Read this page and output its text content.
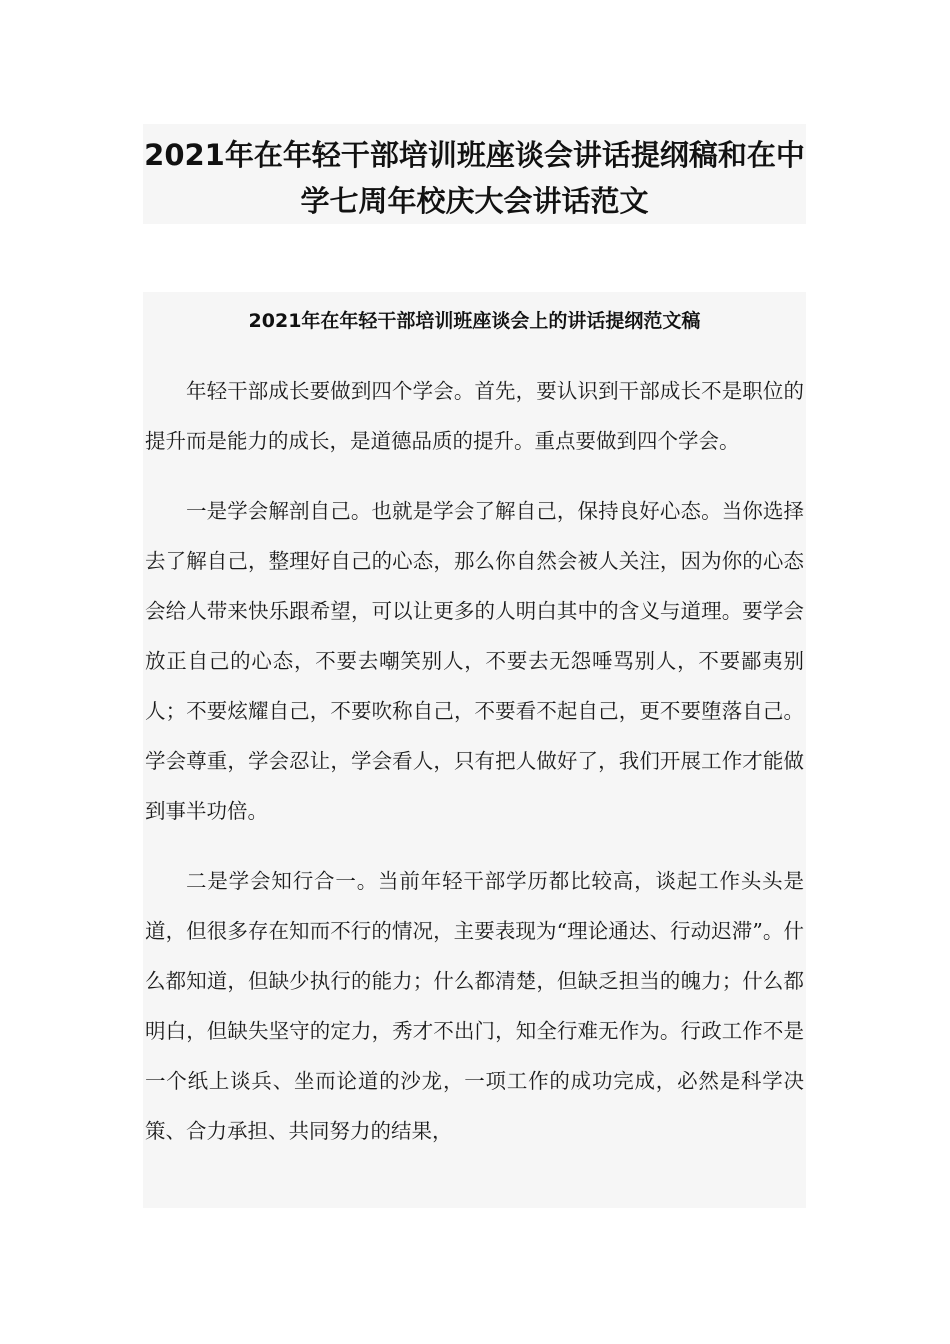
2021年在年轻干部培训班座谈会讲话提纲稿和在中学七周年校庆大会讲话范文
2021年在年轻干部培训班座谈会上的讲话提纲范文稿

年轻干部成长要做到四个学会。首先，要认识到干部成长不是职位的提升而是能力的成长，是道德品质的提升。重点要做到四个学会。

一是学会解剖自己。也就是学会了解自己，保持良好心态。当你选择去了解自己，整理好自己的心态，那么你自然会被人关注，因为你的心态会给人带来快乐跟希望，可以让更多的人明白其中的含义与道理。要学会放正自己的心态，不要去嘲笑别人，不要去无怨唾骂别人，不要鄙夷别人；不要炫耀自己，不要吹称自己，不要看不起自己，更不要堕落自己。学会尊重，学会忍让，学会看人，只有把人做好了，我们开展工作才能做到事半功倍。

二是学会知行合一。当前年轻干部学历都比较高，谈起工作头头是道，但很多存在知而不行的情况，主要表现为“理论通达、行动迟滞”。什么都知道，但缺少执行的能力；什么都清楚，但缺乏担当的魄力；什么都明白，但缺失坚守的定力，秀才不出门，知全行难无作为。行政工作不是一个纸上谈兵、坐而论道的沙龙，一项工作的成功完成，必然是科学决策、合力承担、共同努力的结果，
